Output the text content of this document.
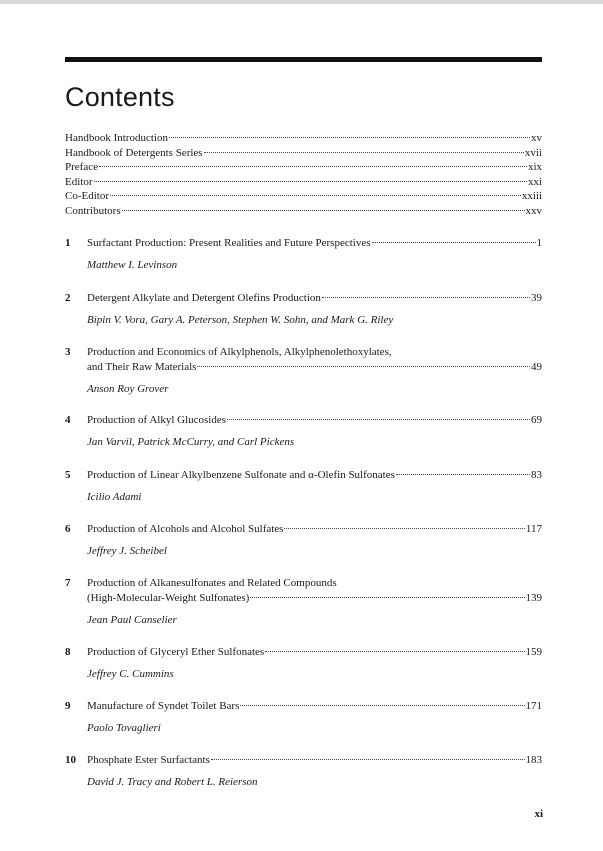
Contents
Handbook Introduction	xv
Handbook of Detergents Series	xvii
Preface	xix
Editor	xxi
Co-Editor	xxiii
Contributors	xxv
1 Surfactant Production: Present Realities and Future Perspectives	1
Matthew I. Levinson
2 Detergent Alkylate and Detergent Olefins Production	39
Bipin V. Vora, Gary A. Peterson, Stephen W. Sohn, and Mark G. Riley
3 Production and Economics of Alkylphenols, Alkylphenolethoxylates,
and Their Raw Materials	49
Anson Roy Grover
4 Production of Alkyl Glucosides	69
Jan Varvil, Patrick McCurry, and Carl Pickens
5 Production of Linear Alkylbenzene Sulfonate and α-Olefin Sulfonates	83
Icilio Adami
6 Production of Alcohols and Alcohol Sulfates	117
Jeffrey J. Scheibel
7 Production of Alkanesulfonates and Related Compounds
(High-Molecular-Weight Sulfonates)	139
Jean Paul Canselier
8 Production of Glyceryl Ether Sulfonates	159
Jeffrey C. Cummins
9 Manufacture of Syndet Toilet Bars	171
Paolo Tovaglieri
10 Phosphate Ester Surfactants	183
David J. Tracy and Robert L. Reierson
xi
